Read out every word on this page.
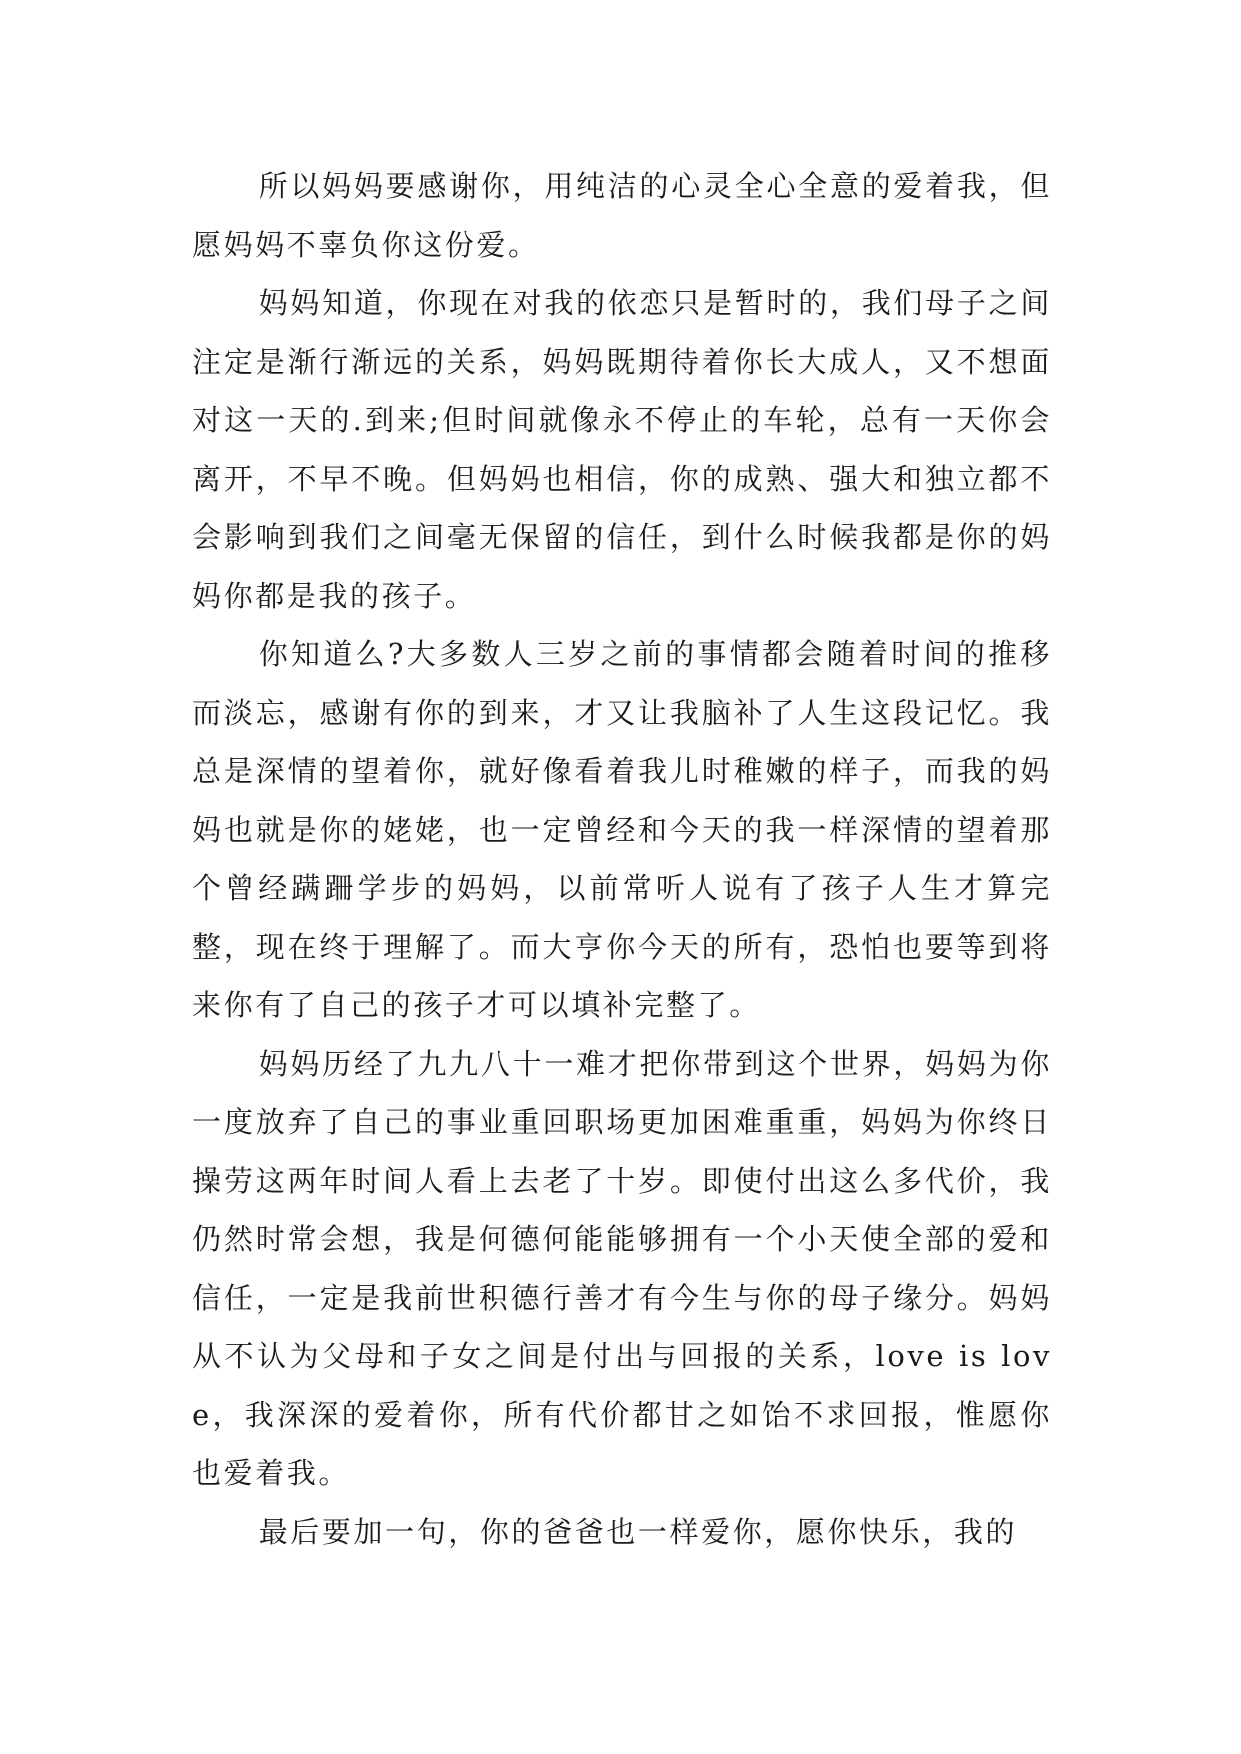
所以妈妈要感谢你，用纯洁的心灵全心全意的爱着我，但愿妈妈不辜负你这份爱。

妈妈知道，你现在对我的依恋只是暂时的，我们母子之间注定是渐行渐远的关系，妈妈既期待着你长大成人，又不想面对这一天的.到来;但时间就像永不停止的车轮，总有一天你会离开，不早不晚。但妈妈也相信，你的成熟、强大和独立都不会影响到我们之间毫无保留的信任，到什么时候我都是你的妈妈你都是我的孩子。

你知道么?大多数人三岁之前的事情都会随着时间的推移而淡忘，感谢有你的到来，才又让我脑补了人生这段记忆。我总是深情的望着你，就好像看着我儿时稚嫩的样子，而我的妈妈也就是你的姥姥，也一定曾经和今天的我一样深情的望着那个曾经蹒跚学步的妈妈，以前常听人说有了孩子人生才算完整，现在终于理解了。而大亨你今天的所有，恐怕也要等到将来你有了自己的孩子才可以填补完整了。

妈妈历经了九九八十一难才把你带到这个世界，妈妈为你一度放弃了自己的事业重回职场更加困难重重，妈妈为你终日操劳这两年时间人看上去老了十岁。即使付出这么多代价，我仍然时常会想，我是何德何能能够拥有一个小天使全部的爱和信任，一定是我前世积德行善才有今生与你的母子缘分。妈妈从不认为父母和子女之间是付出与回报的关系，love is love，我深深的爱着你，所有代价都甘之如饴不求回报，惟愿你也爱着我。

最后要加一句，你的爸爸也一样爱你，愿你快乐，我的
